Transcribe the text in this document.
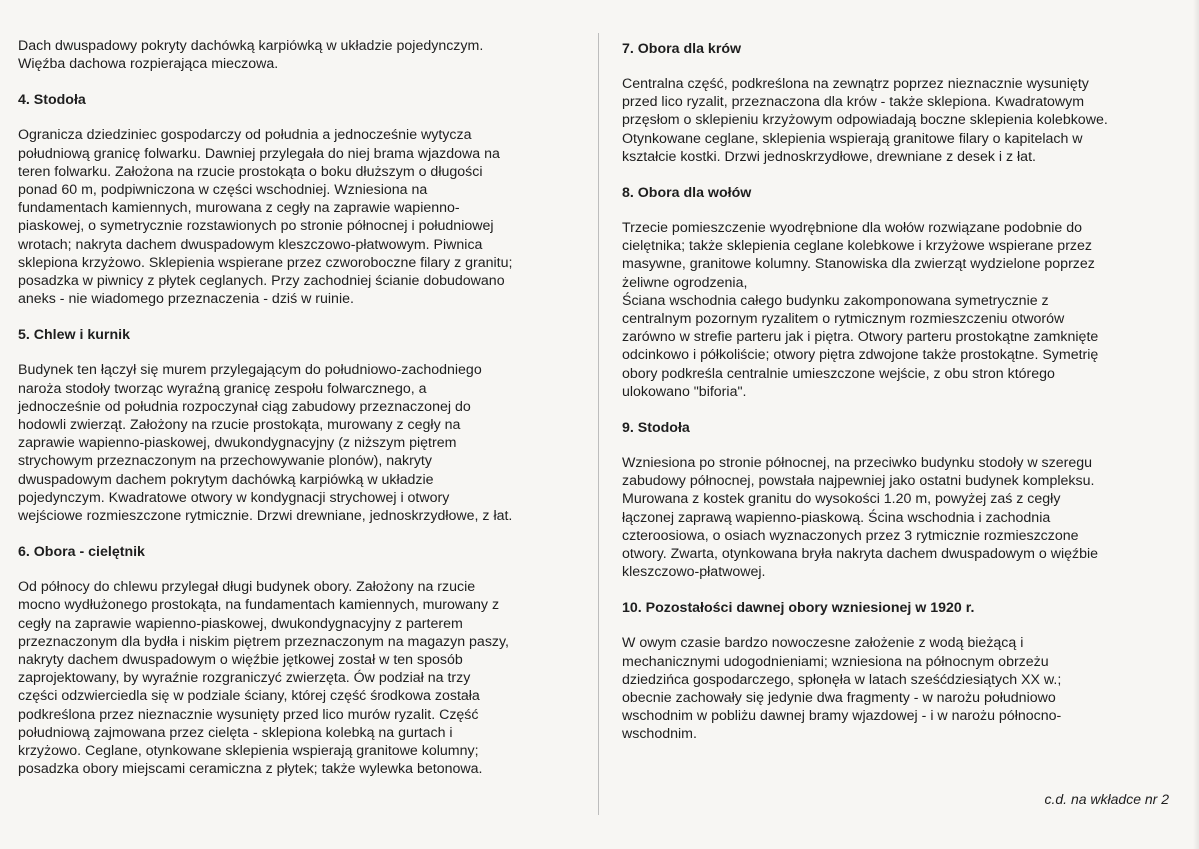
Dach dwuspadowy pokryty dachówką karpiówką w układzie pojedynczym.
Więźba dachowa rozpierająca mieczowa.

4. Stodoła

Ogranicza dziedziniec gospodarczy od południa a jednocześnie wytycza
południową granicę folwarku. Dawniej przylegała do niej brama wjazdowa na
teren folwarku. Założona na rzucie prostokąta o boku dłuższym o długości
ponad 60 m, podpiwniczona w części wschodniej. Wzniesiona na
fundamentach kamiennych, murowana z cegły na zaprawie wapienno-
piaskowej, o symetrycznie rozstawionych po stronie północnej i południowej
wrotach; nakryta dachem dwuspadowym kleszczowo-płatwowym. Piwnica
sklepiona krzyżowo. Sklepienia wspierane przez czworoboczne filary z granitu;
posadzka w piwnicy z płytek ceglanych. Przy zachodniej ścianie dobudowano
aneks - nie wiadomego przeznaczenia - dziś w ruinie.

5. Chlew i kurnik

Budynek ten łączył się murem przylegającym do południowo-zachodniego
naroża stodoły tworząc wyraźną granicę zespołu folwarcznego, a
jednocześnie od południa rozpoczynał ciąg zabudowy przeznaczonej do
hodowli zwierząt. Założony na rzucie prostokąta, murowany z cegły na
zaprawie wapienno-piaskowej, dwukondygnacyjny (z niższym piętrem
strychowym przeznaczonym na przechowywanie plonów), nakryty
dwuspadowym dachem pokrytym dachówką karpiówką w układzie
pojedynczym. Kwadratowe otwory w kondygnacji strychowej i otwory
wejściowe rozmieszczone rytmicznie. Drzwi drewniane, jednoskrzydłowe, z łat.

6. Obora - cielętnik

Od północy do chlewu przylegał długi budynek obory. Założony na rzucie
mocno wydłużonego prostokąta, na fundamentach kamiennych, murowany z
cegły na zaprawie wapienno-piaskowej, dwukondygnacyjny z parterem
przeznaczonym dla bydła i niskim piętrem przeznaczonym na magazyn paszy,
nakryty dachem dwuspadowym o więźbie jętkowej został w ten sposób
zaprojektowany, by wyraźnie rozgraniczyć zwierzęta. Ów podział na trzy
części odzwierciedla się w podziale ściany, której część środkowa została
podkreślona przez nieznacznie wysunięty przed lico murów ryzalit. Część
południową zajmowana przez cielęta - sklepiona kolebką na gurtach i
krzyżowo. Ceglane, otynkowane sklepienia wspierają granitowe kolumny;
posadzka obory miejscami ceramiczna z płytek; także wylewka betonowa.

7. Obora dla krów

Centralna część, podkreślona na zewnątrz poprzez nieznacznie wysunięty
przed lico ryzalit, przeznaczona dla krów - także sklepiona. Kwadratowym
przęsłom o sklepieniu krzyżowym odpowiadają boczne sklepienia kolebkowe.
Otynkowane ceglane, sklepienia wspierają granitowe filary o kapitelach w
kształcie kostki. Drzwi jednoskrzydłowe, drewniane z desek i z łat.

8. Obora dla wołów

Trzecie pomieszczenie wyodrębnione dla wołów rozwiązane podobnie do
cielętnika; także sklepienia ceglane kolebkowe i krzyżowe wspierane przez
masywne, granitowe kolumny. Stanowiska dla zwierząt wydzielone poprzez
żeliwne ogrodzenia,
Ściana wschodnia całego budynku zakomponowana symetrycznie z
centralnym pozornym ryzalitem o rytmicznym rozmieszczeniu otworów
zarówno w strefie parteru jak i piętra. Otwory parteru prostokątne zamknięte
odcinkowo i półkoliście; otwory piętra zdwojone także prostokątne. Symetrię
obory podkreśla centralnie umieszczone wejście, z obu stron którego
ulokowano "biforia".

9. Stodoła

Wzniesiona po stronie północnej, na przeciwko budynku stodoły w szeregu
zabudowy północnej, powstała najpewniej jako ostatni budynek kompleksu.
Murowana z kostek granitu do wysokości 1.20 m, powyżej zaś z cegły
łączonej zaprawą wapienno-piaskową. Ścina wschodnia i zachodnia
czteroosiowa, o osiach wyznaczonych przez 3 rytmicznie rozmieszczone
otwory. Zwarta, otynkowana bryła nakryta dachem dwuspadowym o więźbie
kleszczowo-płatwowej.

10. Pozostałości dawnej obory wzniesionej w 1920 r.

W owym czasie bardzo nowoczesne założenie z wodą bieżącą i
mechanicznymi udogodnieniami; wzniesiona na północnym obrzeżu
dziedzińca gospodarczego, spłonęła w latach sześćdziesiątych XX w.;
obecnie zachowały się jedynie dwa fragmenty - w narożu południowo
wschodnim w pobliżu dawnej bramy wjazdowej - i w narożu północno-
wschodnim.

c.d. na wkładce nr 2
